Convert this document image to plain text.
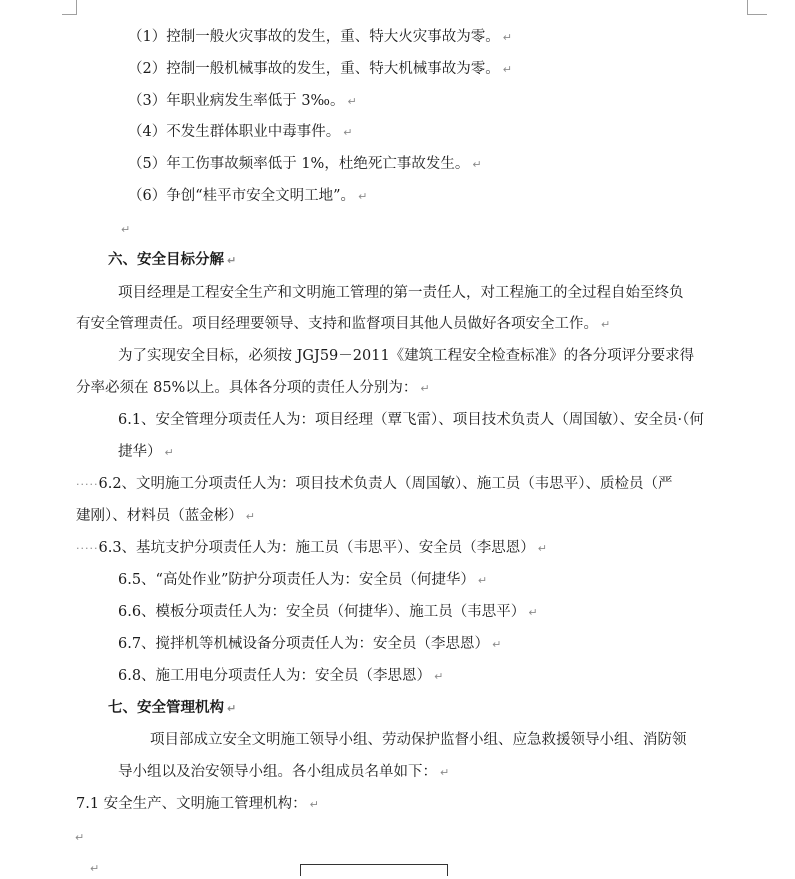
（1）控制一般火灾事故的发生，重、特大火灾事故为零。 ↵
（2）控制一般机械事故的发生，重、特大机械事故为零。 ↵
（3）年职业病发生率低于 3‰。 ↵
（4）不发生群体职业中毒事件。 ↵
（5）年工伤事故频率低于 1%，杜绝死亡事故发生。 ↵
（6）争创“桂平市安全文明工地”。 ↵
↵
六、安全目标分解 ↵
项目经理是工程安全生产和文明施工管理的第一责任人，对工程施工的全过程自始至终负
有安全管理责任。项目经理要领导、支持和监督项目其他人员做好各项安全工作。 ↵
为了实现安全目标，必须按 JGJ59－2011《建筑工程安全检查标准》的各分项评分要求得
分率必须在 85%以上。具体各分项的责任人分别为： ↵
6.1、安全管理分项责任人为：项目经理（覃飞雷）、项目技术负责人（周国敏）、安全员·（何
捷华） ↵
·····6.2、文明施工分项责任人为：项目技术负责人（周国敏）、施工员（韦思平）、质检员（严
建刚）、材料员（蓝金彬） ↵
·····6.3、基坑支护分项责任人为：施工员（韦思平）、安全员（李思恩） ↵
6.5、“高处作业”防护分项责任人为：安全员（何捷华） ↵
6.6、模板分项责任人为：安全员（何捷华）、施工员（韦思平） ↵
6.7、搅拌机等机械设备分项责任人为：安全员（李思恩） ↵
6.8、施工用电分项责任人为：安全员（李思恩） ↵
七、安全管理机构 ↵
项目部成立安全文明施工领导小组、劳动保护监督小组、应急救援领导小组、消防领
导小组以及治安领导小组。各小组成员名单如下： ↵
7.1 安全生产、文明施工管理机构： ↵
↵
↵
